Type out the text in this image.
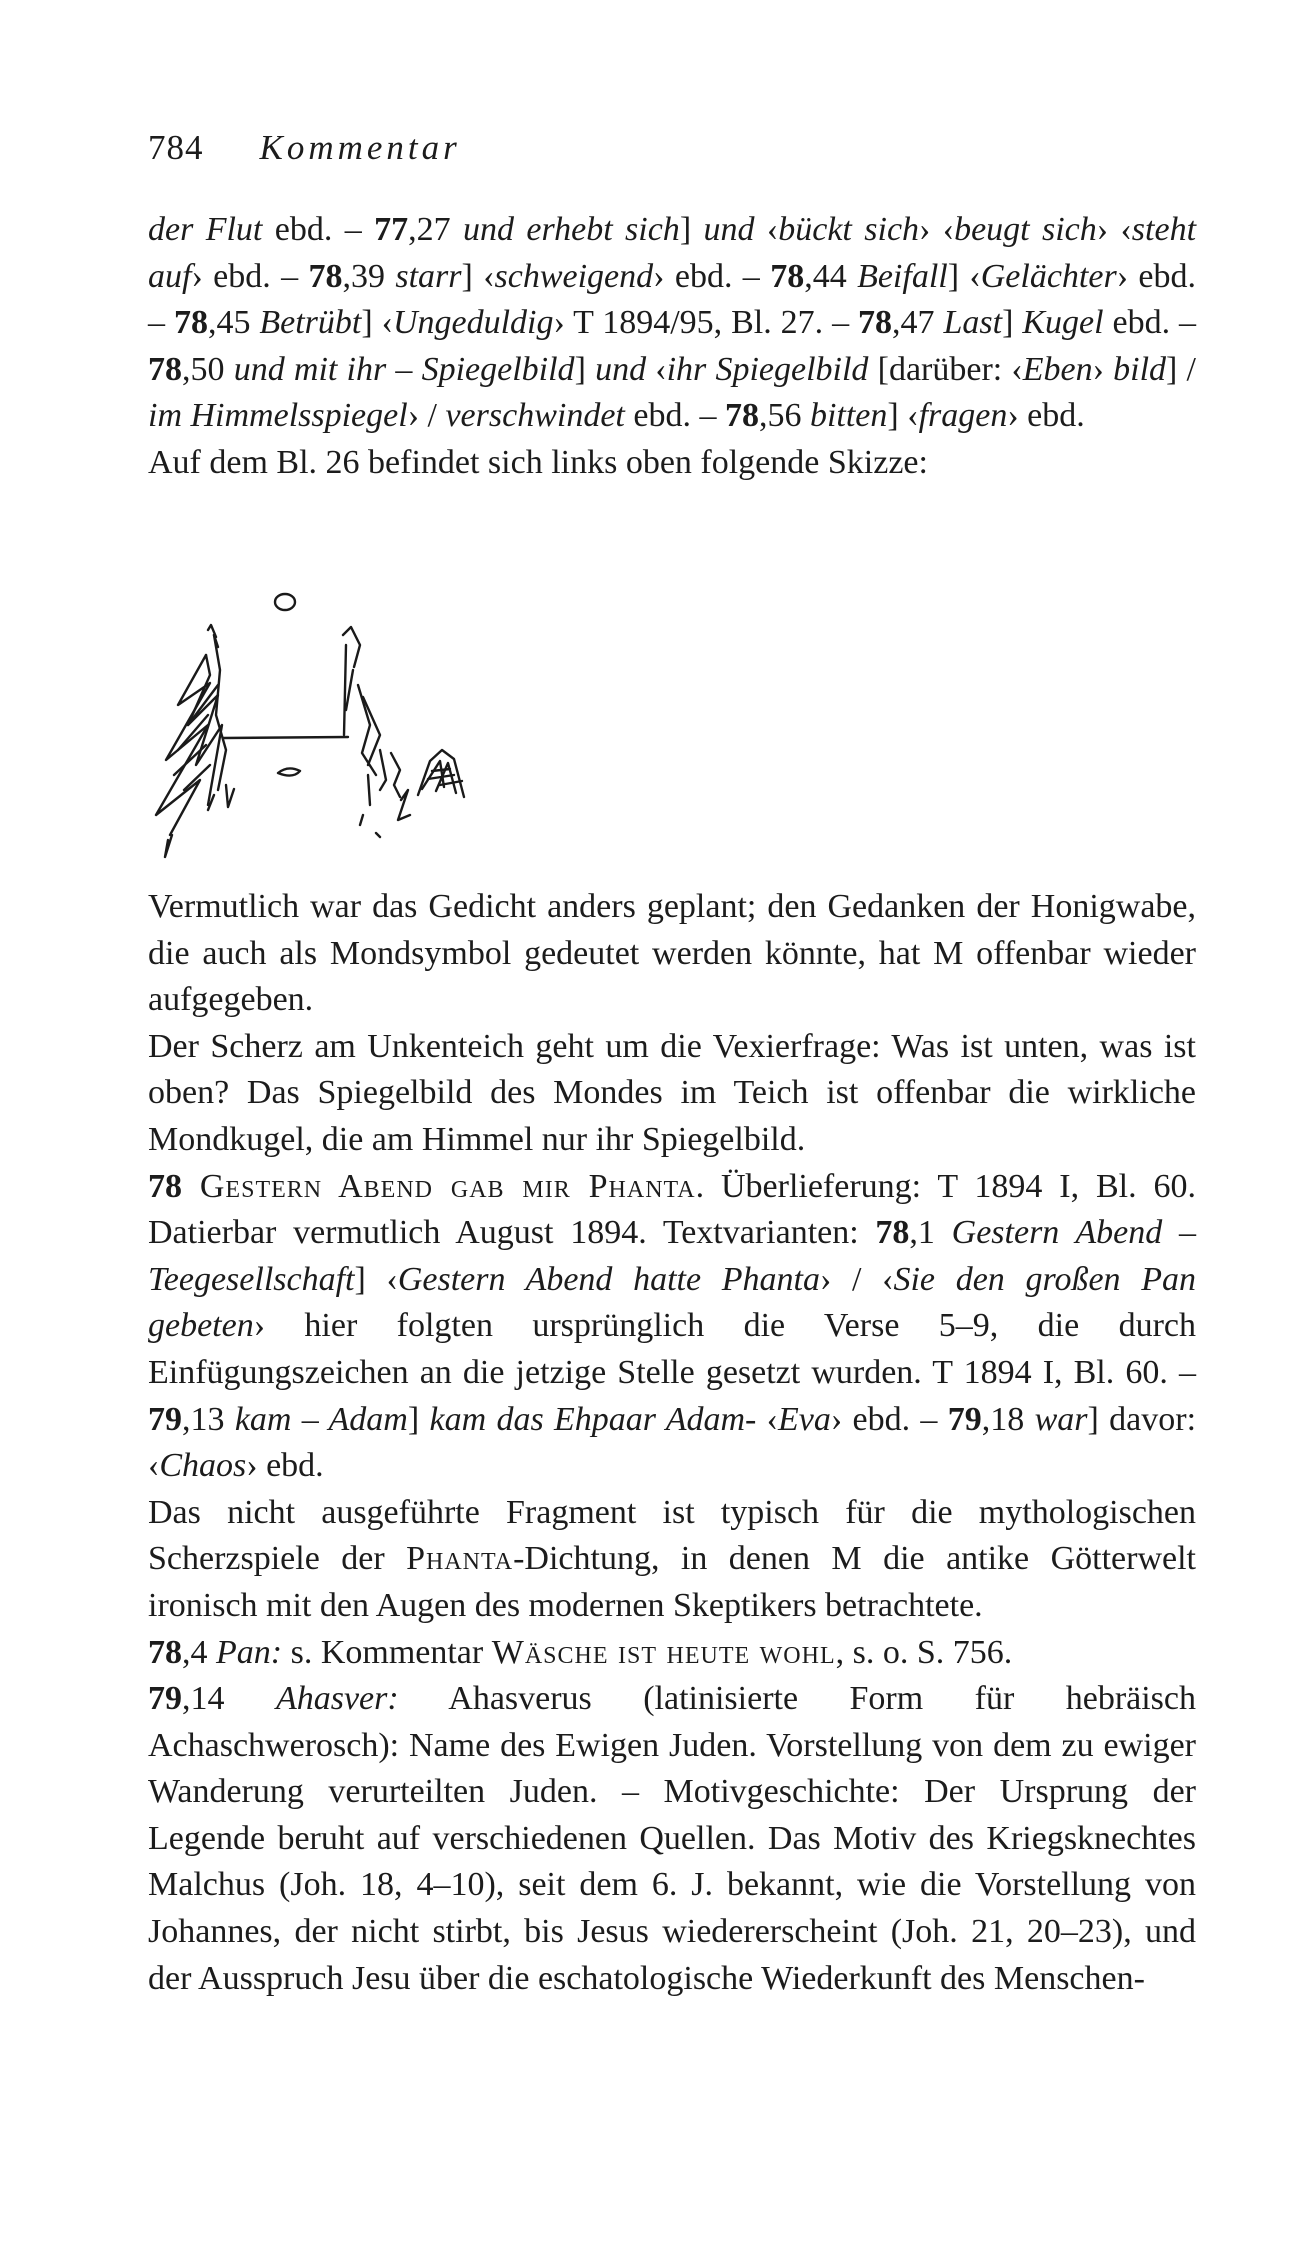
784 Kommentar

der Flut ebd. – 77,27 und erhebt sich] und ‹bückt sich› ‹beugt sich› ‹steht auf› ebd. – 78,39 starr] ‹schweigend› ebd. – 78,44 Beifall] ‹Gelächter› ebd. – 78,45 Betrübt] ‹Ungeduldig› T 1894/95, Bl. 27. – 78,47 Last] Kugel ebd. – 78,50 und mit ihr – Spiegelbild] und ‹ihr Spiegelbild [darüber: ‹Eben› bild] / im Himmelsspiegel› / verschwindet ebd. – 78,56 bitten] ‹fragen› ebd.

Auf dem Bl. 26 befindet sich links oben folgende Skizze:

Vermutlich war das Gedicht anders geplant; den Gedanken der Honigwabe, die auch als Mondsymbol gedeutet werden könnte, hat M offenbar wieder aufgegeben.

Der Scherz am Unkenteich geht um die Vexierfrage: Was ist unten, was ist oben? Das Spiegelbild des Mondes im Teich ist offenbar die wirkliche Mondkugel, die am Himmel nur ihr Spiegelbild.

78 Gestern Abend gab mir Phanta. Überlieferung: T 1894 I, Bl. 60. Datierbar vermutlich August 1894. Textvarianten: 78,1 Gestern Abend – Teegesellschaft] ‹Gestern Abend hatte Phanta› / ‹Sie den großen Pan gebeten› hier folgten ursprünglich die Verse 5–9, die durch Einfügungszeichen an die jetzige Stelle gesetzt wurden. T 1894 I, Bl. 60. – 79,13 kam – Adam] kam das Ehpaar Adam- ‹Eva› ebd. – 79,18 war] davor: ‹Chaos› ebd.

Das nicht ausgeführte Fragment ist typisch für die mythologischen Scherzspiele der Phanta-Dichtung, in denen M die antike Götterwelt ironisch mit den Augen des modernen Skeptikers betrachtete.

78,4 Pan: s. Kommentar Wäsche ist heute wohl, s. o. S. 756.

79,14 Ahasver: Ahasverus (latinisierte Form für hebräisch Achaschwerosch): Name des Ewigen Juden. Vorstellung von dem zu ewiger Wanderung verurteilten Juden. – Motivgeschichte: Der Ursprung der Legende beruht auf verschiedenen Quellen. Das Motiv des Kriegsknechtes Malchus (Joh. 18, 4–10), seit dem 6. J. bekannt, wie die Vorstellung von Johannes, der nicht stirbt, bis Jesus wiedererscheint (Joh. 21, 20–23), und der Ausspruch Jesu über die eschatologische Wiederkunft des Menschen-
